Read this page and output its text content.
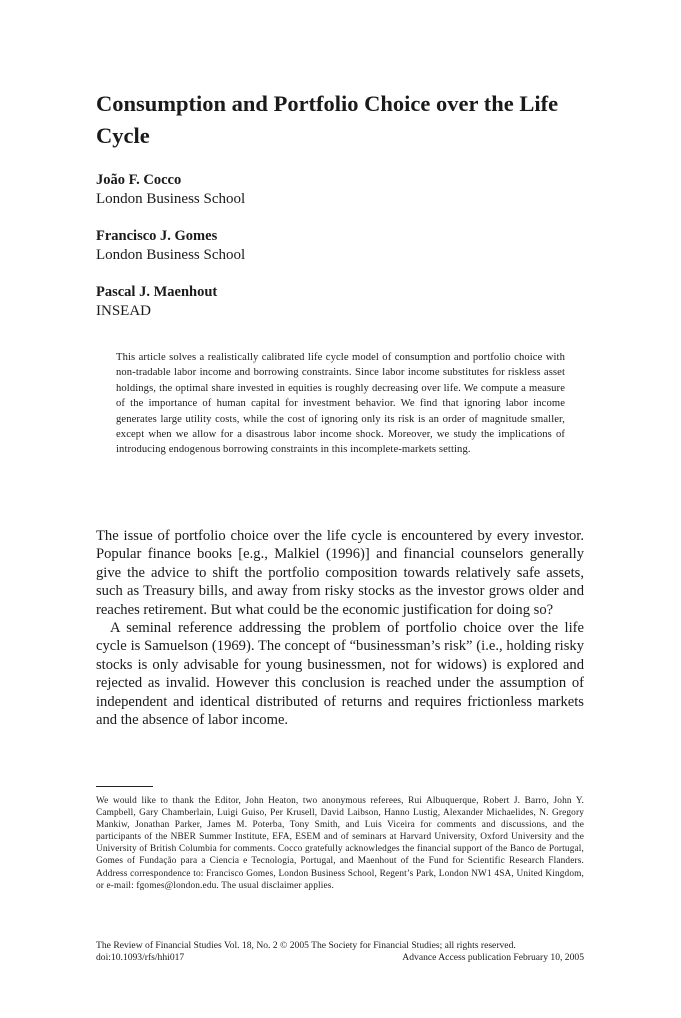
Consumption and Portfolio Choice over the Life Cycle
João F. Cocco
London Business School
Francisco J. Gomes
London Business School
Pascal J. Maenhout
INSEAD

This article solves a realistically calibrated life cycle model of consumption and portfolio choice with non-tradable labor income and borrowing constraints. Since labor income substitutes for riskless asset holdings, the optimal share invested in equities is roughly decreasing over life. We compute a measure of the importance of human capital for investment behavior. We find that ignoring labor income generates large utility costs, while the cost of ignoring only its risk is an order of magnitude smaller, except when we allow for a disastrous labor income shock. Moreover, we study the implications of introducing endogenous borrowing constraints in this incomplete-markets setting.

The issue of portfolio choice over the life cycle is encountered by every investor. Popular finance books [e.g., Malkiel (1996)] and financial counselors generally give the advice to shift the portfolio composition towards relatively safe assets, such as Treasury bills, and away from risky stocks as the investor grows older and reaches retirement. But what could be the economic justification for doing so?

A seminal reference addressing the problem of portfolio choice over the life cycle is Samuelson (1969). The concept of “businessman’s risk” (i.e., holding risky stocks is only advisable for young businessmen, not for widows) is explored and rejected as invalid. However this conclusion is reached under the assumption of independent and identical distributed of returns and requires frictionless markets and the absence of labor income.

We would like to thank the Editor, John Heaton, two anonymous referees, Rui Albuquerque, Robert J. Barro, John Y. Campbell, Gary Chamberlain, Luigi Guiso, Per Krusell, David Laibson, Hanno Lustig, Alexander Michaelides, N. Gregory Mankiw, Jonathan Parker, James M. Poterba, Tony Smith, and Luis Viceira for comments and discussions, and the participants of the NBER Summer Institute, EFA, ESEM and of seminars at Harvard University, Oxford University and the University of British Columbia for comments. Cocco gratefully acknowledges the financial support of the Banco de Portugal, Gomes of Fundação para a Ciencia e Tecnologia, Portugal, and Maenhout of the Fund for Scientific Research Flanders. Address correspondence to: Francisco Gomes, London Business School, Regent’s Park, London NW1 4SA, United Kingdom, or e-mail: fgomes@london.edu. The usual disclaimer applies.

The Review of Financial Studies Vol. 18, No. 2 © 2005 The Society for Financial Studies; all rights reserved.
doi:10.1093/rfs/hhi017	Advance Access publication February 10, 2005
